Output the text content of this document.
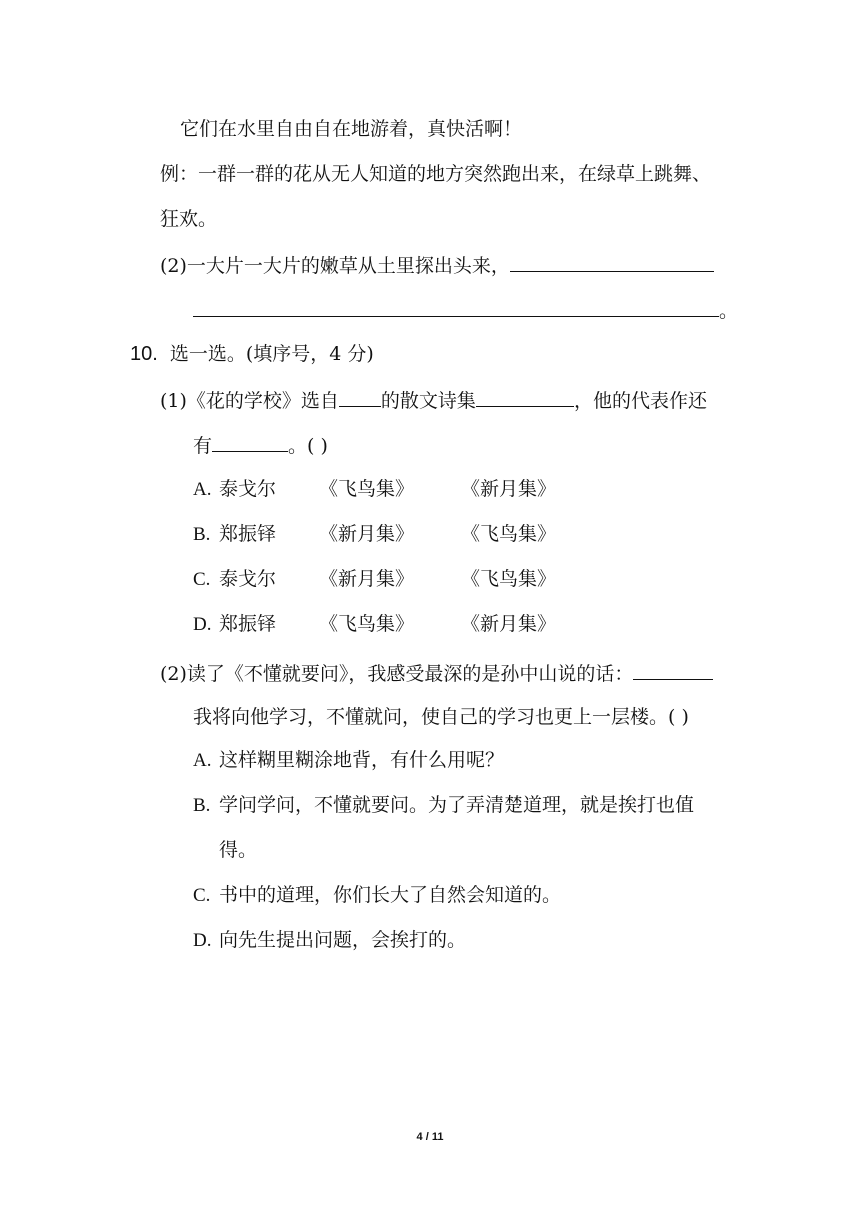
它们在水里自由自在地游着，真快活啊！
例：一群一群的花从无人知道的地方突然跑出来，在绿草上跳舞、
狂欢。
(2)一大片一大片的嫩草从土里探出头来，
。
10. 选一选。(填序号，4 分)
(1)《花的学校》选自 的散文诗集	，他的代表作还
有	。( )
A. 泰戈尔 《飞鸟集》 《新月集》
B. 郑振铎 《新月集》 《飞鸟集》
C. 泰戈尔 《新月集》 《飞鸟集》
D. 郑振铎 《飞鸟集》 《新月集》
(2)读了《不懂就要问》，我感受最深的是孙中山说的话：
我将向他学习，不懂就问，使自己的学习也更上一层楼。( )
A. 这样糊里糊涂地背，有什么用呢？
B. 学问学问，不懂就要问。为了弄清楚道理，就是挨打也值
得。
C. 书中的道理，你们长大了自然会知道的。
D. 向先生提出问题，会挨打的。
4 / 11
